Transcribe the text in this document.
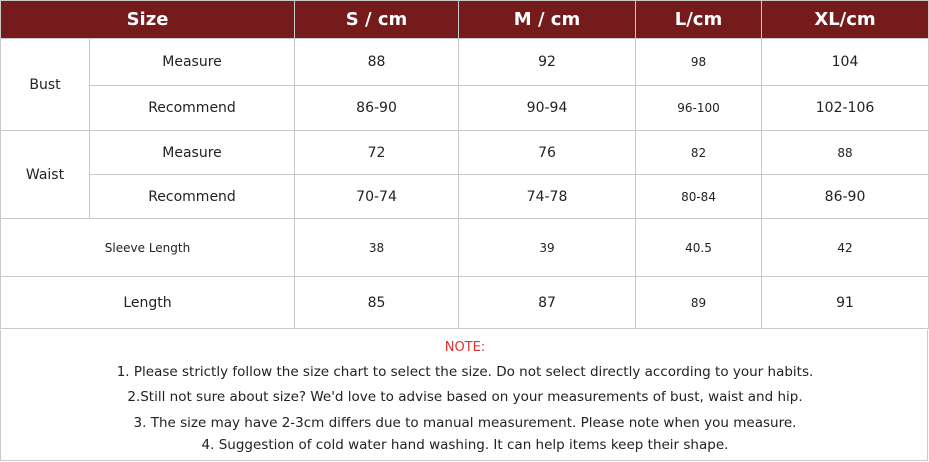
Size		S / cm	M / cm	L/cm	XL/cm
Bust	Measure	88	92	98	104
	Recommend	86-90	90-94	96-100	102-106
Waist	Measure	72	76	82	88
	Recommend	70-74	74-78	80-84	86-90
Sleeve Length		38	39	40.5	42
Length		85	87	89	91
NOTE:
1. Please strictly follow the size chart to select the size. Do not select directly according to your habits.
2.Still not sure about size? We'd love to advise based on your measurements of bust, waist and hip.
3. The size may have 2-3cm differs due to manual measurement. Please note when you measure.
4. Suggestion of cold water hand washing. It can help items keep their shape.
